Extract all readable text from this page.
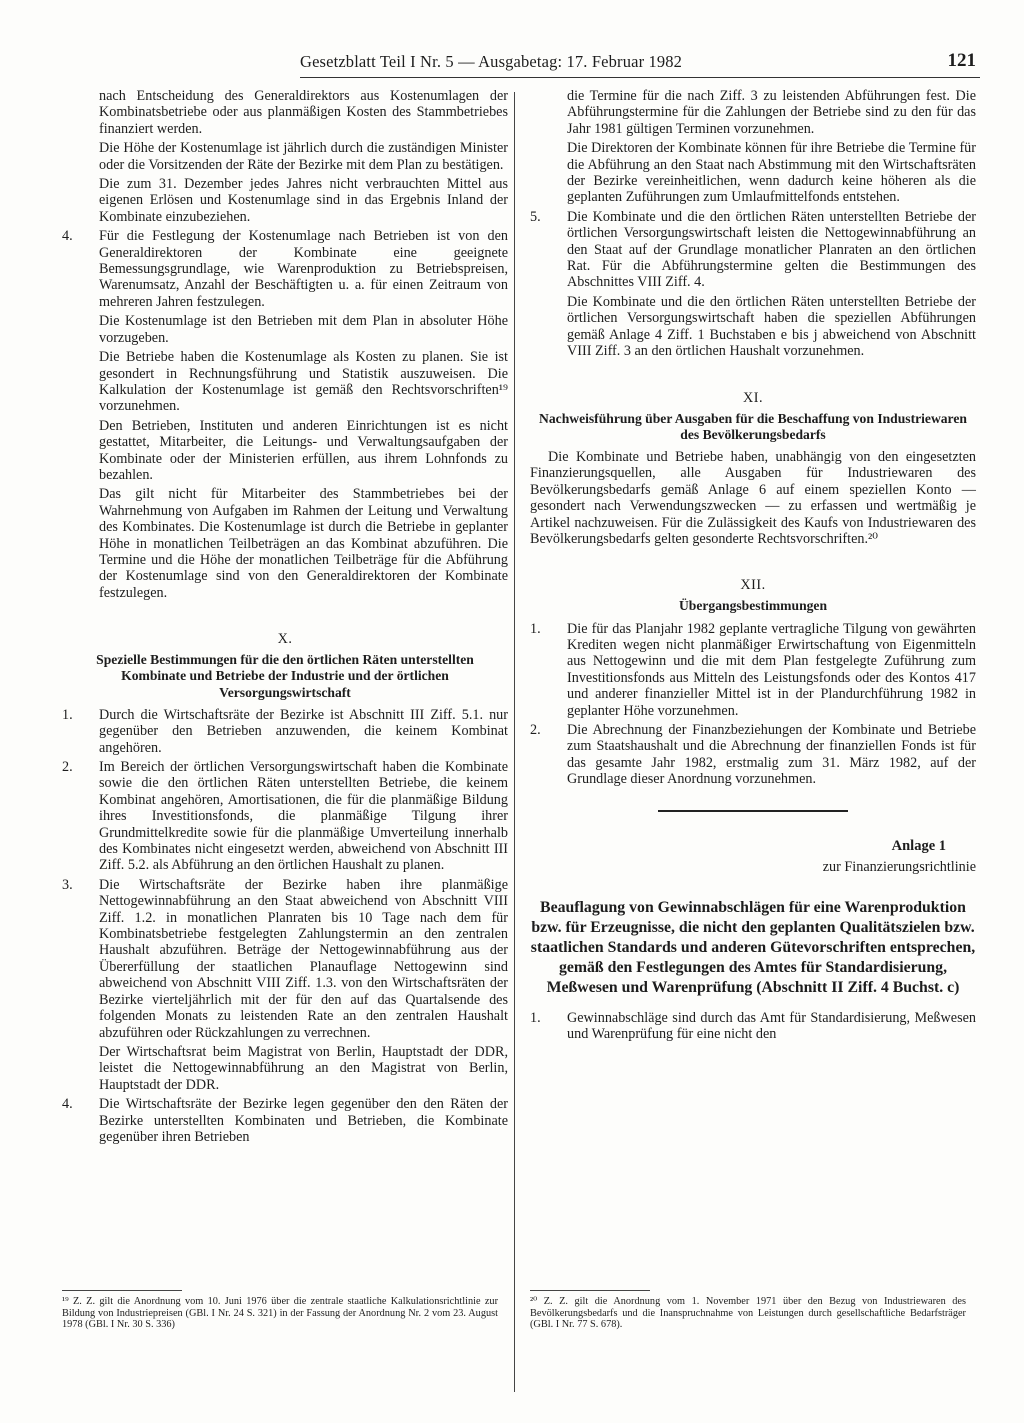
Gesetzblatt Teil I Nr. 5 — Ausgabetag: 17. Februar 1982	121

nach Entscheidung des Generaldirektors aus Kostenumlagen der Kombinatsbetriebe oder aus planmäßigen Kosten des Stammbetriebes finanziert werden.

Die Höhe der Kostenumlage ist jährlich durch die zuständigen Minister oder die Vorsitzenden der Räte der Bezirke mit dem Plan zu bestätigen.

Die zum 31. Dezember jedes Jahres nicht verbrauchten Mittel aus eigenen Erlösen und Kostenumlage sind in das Ergebnis Inland der Kombinate einzubeziehen.

4. Für die Festlegung der Kostenumlage nach Betrieben ist von den Generaldirektoren der Kombinate eine geeignete Bemessungsgrundlage, wie Warenproduktion zu Betriebspreisen, Warenumsatz, Anzahl der Beschäftigten u. a. für einen Zeitraum von mehreren Jahren festzulegen.

Die Kostenumlage ist den Betrieben mit dem Plan in absoluter Höhe vorzugeben.

Die Betriebe haben die Kostenumlage als Kosten zu planen. Sie ist gesondert in Rechnungsführung und Statistik auszuweisen. Die Kalkulation der Kostenumlage ist gemäß den Rechtsvorschriften¹⁹ vorzunehmen.

Den Betrieben, Instituten und anderen Einrichtungen ist es nicht gestattet, Mitarbeiter, die Leitungs- und Verwaltungsaufgaben der Kombinate oder der Ministerien erfüllen, aus ihrem Lohnfonds zu bezahlen.

Das gilt nicht für Mitarbeiter des Stammbetriebes bei der Wahrnehmung von Aufgaben im Rahmen der Leitung und Verwaltung des Kombinates. Die Kostenumlage ist durch die Betriebe in geplanter Höhe in monatlichen Teilbeträgen an das Kombinat abzuführen. Die Termine und die Höhe der monatlichen Teilbeträge für die Abführung der Kostenumlage sind von den Generaldirektoren der Kombinate festzulegen.

X.
Spezielle Bestimmungen für die den örtlichen Räten unterstellten Kombinate und Betriebe der Industrie und der örtlichen Versorgungswirtschaft
1. Durch die Wirtschaftsräte der Bezirke ist Abschnitt III Ziff. 5.1. nur gegenüber den Betrieben anzuwenden, die keinem Kombinat angehören.

2. Im Bereich der örtlichen Versorgungswirtschaft haben die Kombinate sowie die den örtlichen Räten unterstellten Betriebe, die keinem Kombinat angehören, Amortisationen, die für die planmäßige Bildung ihres Investitionsfonds, die planmäßige Tilgung ihrer Grundmittelkredite sowie für die planmäßige Umverteilung innerhalb des Kombinates nicht eingesetzt werden, abweichend von Abschnitt III Ziff. 5.2. als Abführung an den örtlichen Haushalt zu planen.

3. Die Wirtschaftsräte der Bezirke haben ihre planmäßige Nettogewinnabführung an den Staat abweichend von Abschnitt VIII Ziff. 1.2. in monatlichen Planraten bis 10 Tage nach dem für Kombinatsbetriebe festgelegten Zahlungstermin an den zentralen Haushalt abzuführen. Beträge der Nettogewinnabführung aus der Übererfüllung der staatlichen Planauflage Nettogewinn sind abweichend von Abschnitt VIII Ziff. 1.3. von den Wirtschaftsräten der Bezirke vierteljährlich mit der für den auf das Quartalsende des folgenden Monats zu leistenden Rate an den zentralen Haushalt abzuführen oder Rückzahlungen zu verrechnen.

Der Wirtschaftsrat beim Magistrat von Berlin, Hauptstadt der DDR, leistet die Nettogewinnabführung an den Magistrat von Berlin, Hauptstadt der DDR.

4. Die Wirtschaftsräte der Bezirke legen gegenüber den den Räten der Bezirke unterstellten Kombinaten und Betrieben, die Kombinate gegenüber ihren Betrieben

¹⁹ Z. Z. gilt die Anordnung vom 10. Juni 1976 über die zentrale staatliche Kalkulationsrichtlinie zur Bildung von Industriepreisen (GBl. I Nr. 24 S. 321) in der Fassung der Anordnung Nr. 2 vom 23. August 1978 (GBl. I Nr. 30 S. 336)

die Termine für die nach Ziff. 3 zu leistenden Abführungen fest. Die Abführungstermine für die Zahlungen der Betriebe sind zu den für das Jahr 1981 gültigen Terminen vorzunehmen.

Die Direktoren der Kombinate können für ihre Betriebe die Termine für die Abführung an den Staat nach Abstimmung mit den Wirtschaftsräten der Bezirke vereinheitlichen, wenn dadurch keine höheren als die geplanten Zuführungen zum Umlaufmittelfonds entstehen.

5. Die Kombinate und die den örtlichen Räten unterstellten Betriebe der örtlichen Versorgungswirtschaft leisten die Nettogewinnabführung an den Staat auf der Grundlage monatlicher Planraten an den örtlichen Rat. Für die Abführungstermine gelten die Bestimmungen des Abschnittes VIII Ziff. 4.

Die Kombinate und die den örtlichen Räten unterstellten Betriebe der örtlichen Versorgungswirtschaft haben die speziellen Abführungen gemäß Anlage 4 Ziff. 1 Buchstaben e bis j abweichend von Abschnitt VIII Ziff. 3 an den örtlichen Haushalt vorzunehmen.

XI.
Nachweisführung über Ausgaben für die Beschaffung von Industriewaren des Bevölkerungsbedarfs

Die Kombinate und Betriebe haben, unabhängig von den eingesetzten Finanzierungsquellen, alle Ausgaben für Industriewaren des Bevölkerungsbedarfs gemäß Anlage 6 auf einem speziellen Konto — gesondert nach Verwendungszwecken — zu erfassen und wertmäßig je Artikel nachzuweisen. Für die Zulässigkeit des Kaufs von Industriewaren des Bevölkerungsbedarfs gelten gesonderte Rechtsvorschriften.²⁰

XII.
Übergangsbestimmungen
1. Die für das Planjahr 1982 geplante vertragliche Tilgung von gewährten Krediten wegen nicht planmäßiger Erwirtschaftung von Eigenmitteln aus Nettogewinn und die mit dem Plan festgelegte Zuführung zum Investitionsfonds aus Mitteln des Leistungsfonds oder des Kontos 417 und anderer finanzieller Mittel ist in der Plandurchführung 1982 in geplanter Höhe vorzunehmen.

2. Die Abrechnung der Finanzbeziehungen der Kombinate und Betriebe zum Staatshaushalt und die Abrechnung der finanziellen Fonds ist für das gesamte Jahr 1982, erstmalig zum 31. März 1982, auf der Grundlage dieser Anordnung vorzunehmen.

Anlage 1
zur Finanzierungsrichtlinie
Beauflagung von Gewinnabschlägen für eine Warenproduktion bzw. für Erzeugnisse, die nicht den geplanten Qualitätszielen bzw. staatlichen Standards und anderen Gütevorschriften entsprechen, gemäß den Festlegungen des Amtes für Standardisierung, Meßwesen und Warenprüfung (Abschnitt II Ziff. 4 Buchst. c)
1. Gewinnabschläge sind durch das Amt für Standardisierung, Meßwesen und Warenprüfung für eine nicht den

²⁰ Z. Z. gilt die Anordnung vom 1. November 1971 über den Bezug von Industriewaren des Bevölkerungsbedarfs und die Inanspruchnahme von Leistungen durch gesellschaftliche Bedarfsträger (GBl. I Nr. 77 S. 678).
